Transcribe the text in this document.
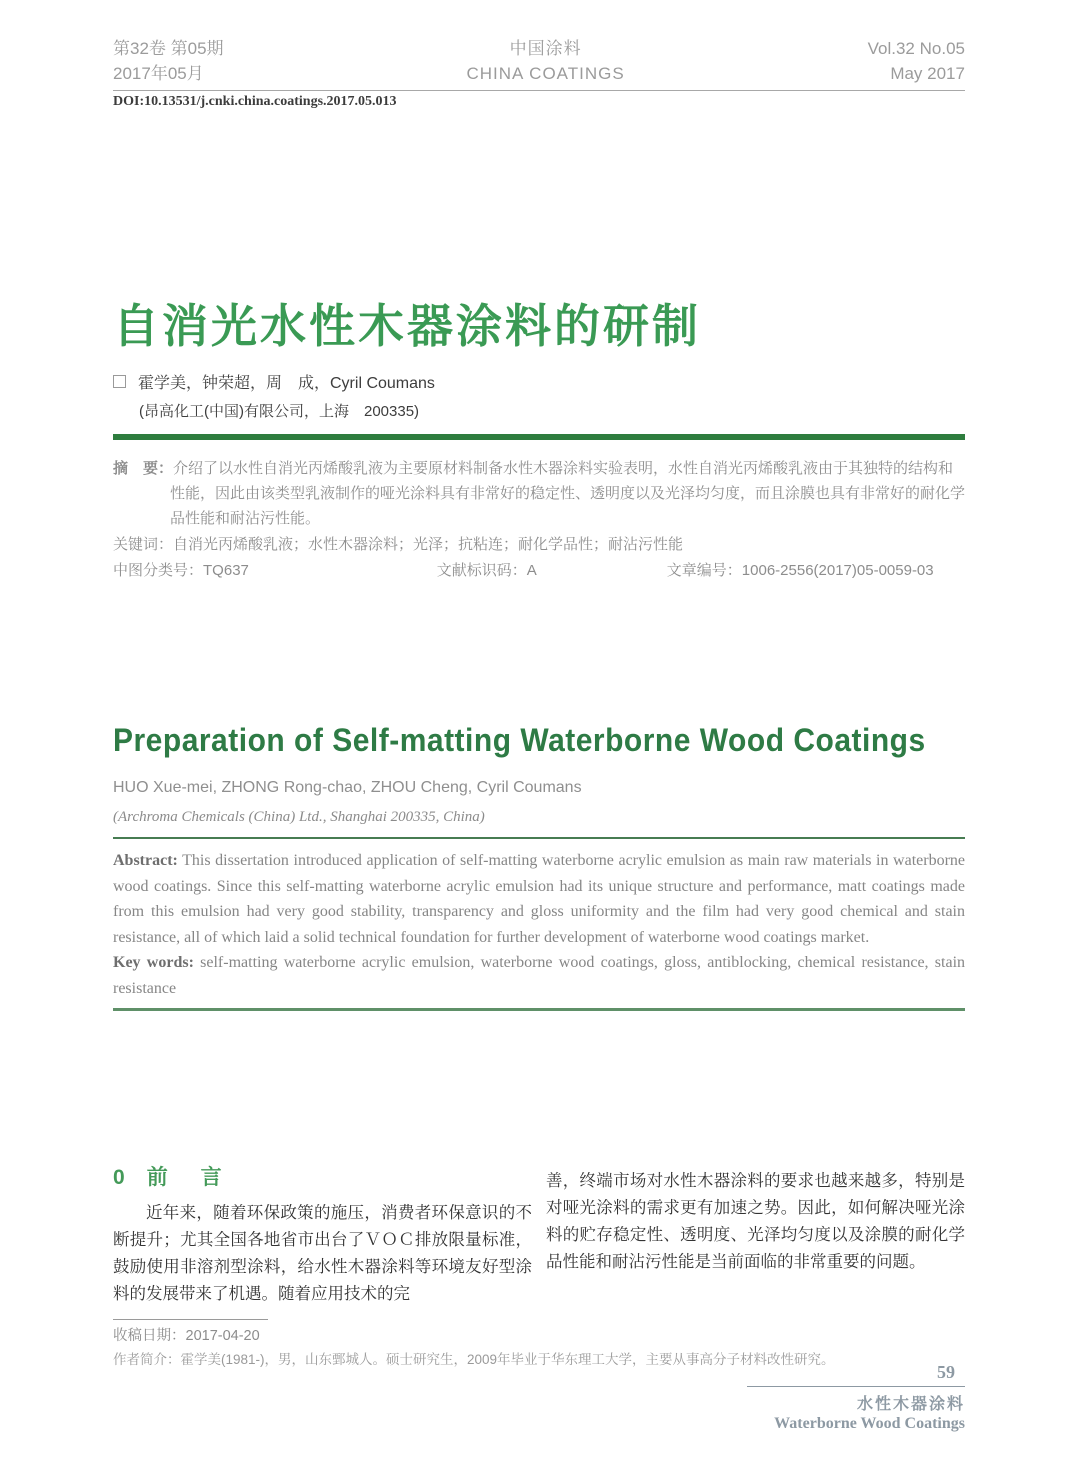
第32卷 第05期
2017年05月
中国涂料
CHINA COATINGS
Vol.32 No.05
May 2017
DOI:10.13531/j.cnki.china.coatings.2017.05.013
自消光水性木器涂料的研制
霍学美，钟荣超，周　成，Cyril Coumans
(昂高化工(中国)有限公司，上海　200335)

摘　要：介绍了以水性自消光丙烯酸乳液为主要原材料制备水性木器涂料实验表明，水性自消光丙烯酸乳液由于其独特的结构和性能，因此由该类型乳液制作的哑光涂料具有非常好的稳定性、透明度以及光泽均匀度，而且涂膜也具有非常好的耐化学品性能和耐沾污性能。

关键词：自消光丙烯酸乳液；水性木器涂料；光泽；抗粘连；耐化学品性；耐沾污性能

中图分类号：TQ637	文献标识码：A	文章编号：1006-2556(2017)05-0059-03
Preparation of Self-matting Waterborne Wood Coatings
HUO Xue-mei, ZHONG Rong-chao, ZHOU Cheng, Cyril Coumans
(Archroma Chemicals (China) Ltd., Shanghai 200335, China)

Abstract: This dissertation introduced application of self-matting waterborne acrylic emulsion as main raw materials in waterborne wood coatings. Since this self-matting waterborne acrylic emulsion had its unique structure and performance, matt coatings made from this emulsion had very good stability, transparency and gloss uniformity and the film had very good chemical and stain resistance, all of which laid a solid technical foundation for further development of waterborne wood coatings market.

Key words: self-matting waterborne acrylic emulsion, waterborne wood coatings, gloss, antiblocking, chemical resistance, stain resistance

0 前　言

近年来，随着环保政策的施压，消费者环保意识的不断提升；尤其全国各地省市出台了ＶＯＣ排放限量标准，鼓励使用非溶剂型涂料，给水性木器涂料等环境友好型涂料的发展带来了机遇。随着应用技术的完

善，终端市场对水性木器涂料的要求也越来越多，特别是对哑光涂料的需求更有加速之势。因此，如何解决哑光涂料的贮存稳定性、透明度、光泽均匀度以及涂膜的耐化学品性能和耐沾污性能是当前面临的非常重要的问题。

收稿日期：2017-04-20
作者简介：霍学美(1981-)，男，山东鄄城人。硕士研究生，2009年毕业于华东理工大学，主要从事高分子材料改性研究。
59
水性木器涂料
Waterborne Wood Coatings
